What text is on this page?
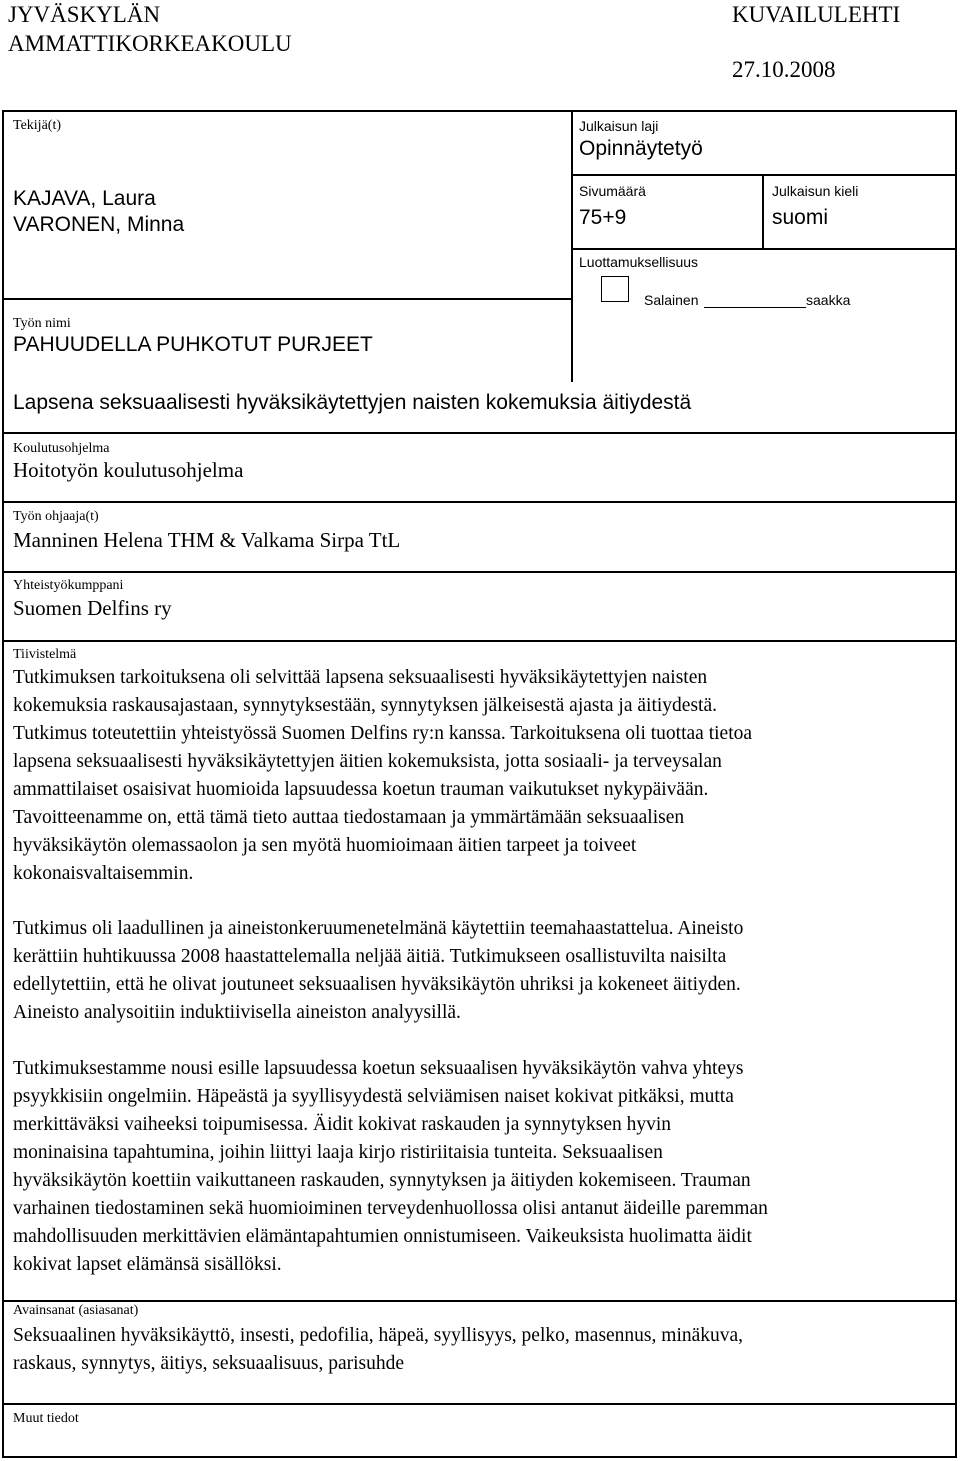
JYVÄSKYLÄN
AMMATTIKORKEAKOULU
KUVAILULEHTI
27.10.2008
Tekijä(t)
KAJAVA, Laura
VARONEN, Minna
Julkaisun laji
Opinnäytetyö
Sivumäärä
75+9
Julkaisun kieli
suomi
Luottamuksellisuus
Salainen	saakka
Työn nimi
PAHUUDELLA PUHKOTUT PURJEET
Lapsena seksuaalisesti hyväksikäytettyjen naisten kokemuksia äitiydestä
Koulutusohjelma
Hoitotyön koulutusohjelma
Työn ohjaaja(t)
Manninen Helena THM & Valkama Sirpa TtL
Yhteistyökumppani
Suomen Delfins ry
Tiivistelmä
Tutkimuksen tarkoituksena oli selvittää lapsena seksuaalisesti hyväksikäytettyjen naisten
kokemuksia raskausajastaan, synnytyksestään, synnytyksen jälkeisestä ajasta ja äitiydestä.
Tutkimus toteutettiin yhteistyössä Suomen Delfins ry:n kanssa. Tarkoituksena oli tuottaa tietoa
lapsena seksuaalisesti hyväksikäytettyjen äitien kokemuksista, jotta sosiaali- ja terveysalan
ammattilaiset osaisivat huomioida lapsuudessa koetun trauman vaikutukset nykypäivään.
Tavoitteenamme on, että tämä tieto auttaa tiedostamaan ja ymmärtämään seksuaalisen
hyväksikäytön olemassaolon ja sen myötä huomioimaan äitien tarpeet ja toiveet
kokonaisvaltaisemmin.
Tutkimus oli laadullinen ja aineistonkeruumenetelmänä käytettiin teemahaastattelua. Aineisto
kerättiin huhtikuussa 2008 haastattelemalla neljää äitiä. Tutkimukseen osallistuvilta naisilta
edellytettiin, että he olivat joutuneet seksuaalisen hyväksikäytön uhriksi ja kokeneet äitiyden.
Aineisto analysoitiin induktiivisella aineiston analyysillä.
Tutkimuksestamme nousi esille lapsuudessa koetun seksuaalisen hyväksikäytön vahva yhteys
psyykkisiin ongelmiin. Häpeästä ja syyllisyydestä selviämisen naiset kokivat pitkäksi, mutta
merkittäväksi vaiheeksi toipumisessa. Äidit kokivat raskauden ja synnytyksen hyvin
moninaisina tapahtumina, joihin liittyi laaja kirjo ristiriitaisia tunteita. Seksuaalisen
hyväksikäytön koettiin vaikuttaneen raskauden, synnytyksen ja äitiyden kokemiseen. Trauman
varhainen tiedostaminen sekä huomioiminen terveydenhuollossa olisi antanut äideille paremman
mahdollisuuden merkittävien elämäntapahtumien onnistumiseen. Vaikeuksista huolimatta äidit
kokivat lapset elämänsä sisällöksi.
Avainsanat (asiasanat)
Seksuaalinen hyväksikäyttö, insesti, pedofilia, häpeä, syyllisyys, pelko, masennus, minäkuva,
raskaus, synnytys, äitiys, seksuaalisuus, parisuhde
Muut tiedot
